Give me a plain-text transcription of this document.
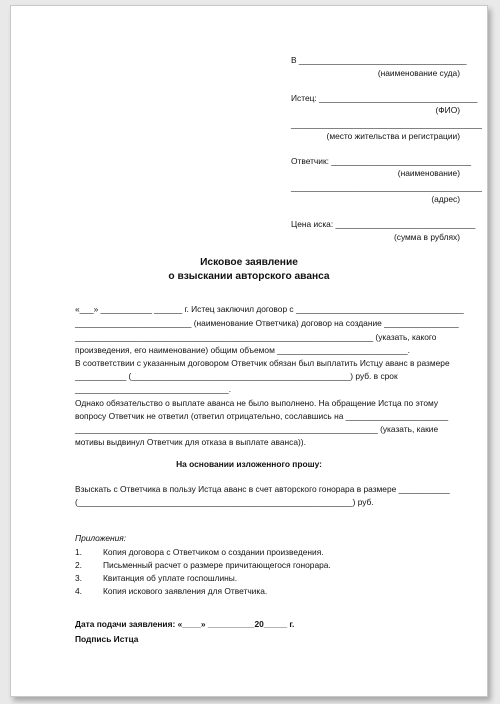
В ____________________________________
(наименование суда)
Истец: __________________________________
(ФИО)
_________________________________________
(место жительства и регистрации)
Ответчик: ______________________________
(наименование)
_________________________________________
(адрес)
Цена иска: ______________________________
(сумма в рублях)
Исковое заявление
о взыскании авторского аванса
«___» ___________ ______ г. Истец заключил договор с ____________________________________
_________________________ (наименование Ответчика) договор на создание ________________
________________________________________________________________ (указать, какого
произведения, его наименование) общим объемом ____________________________.
В соответствии с указанным договором Ответчик обязан был выплатить Истцу аванс в размере
___________ (_______________________________________________) руб. в срок
_________________________________.
Однако обязательство о выплате аванса не было выполнено. На обращение Истца по этому
вопросу Ответчик не ответил (ответил отрицательно, сославшись на ______________________
_________________________________________________________________ (указать, какие
мотивы выдвинул Ответчик для отказа в выплате аванса)).
На основании изложенного прошу:
Взыскать с Ответчика в пользу Истца аванс в счет авторского гонорара в размере ___________
(___________________________________________________________) руб.
Приложения:
1.	Копия договора с Ответчиком о создании произведения.
2.	Письменный расчет о размере причитающегося гонорара.
3.	Квитанция об уплате госпошлины.
4.	Копия искового заявления для Ответчика.
Дата подачи заявления: «____» __________20_____ г.
Подпись Истца
